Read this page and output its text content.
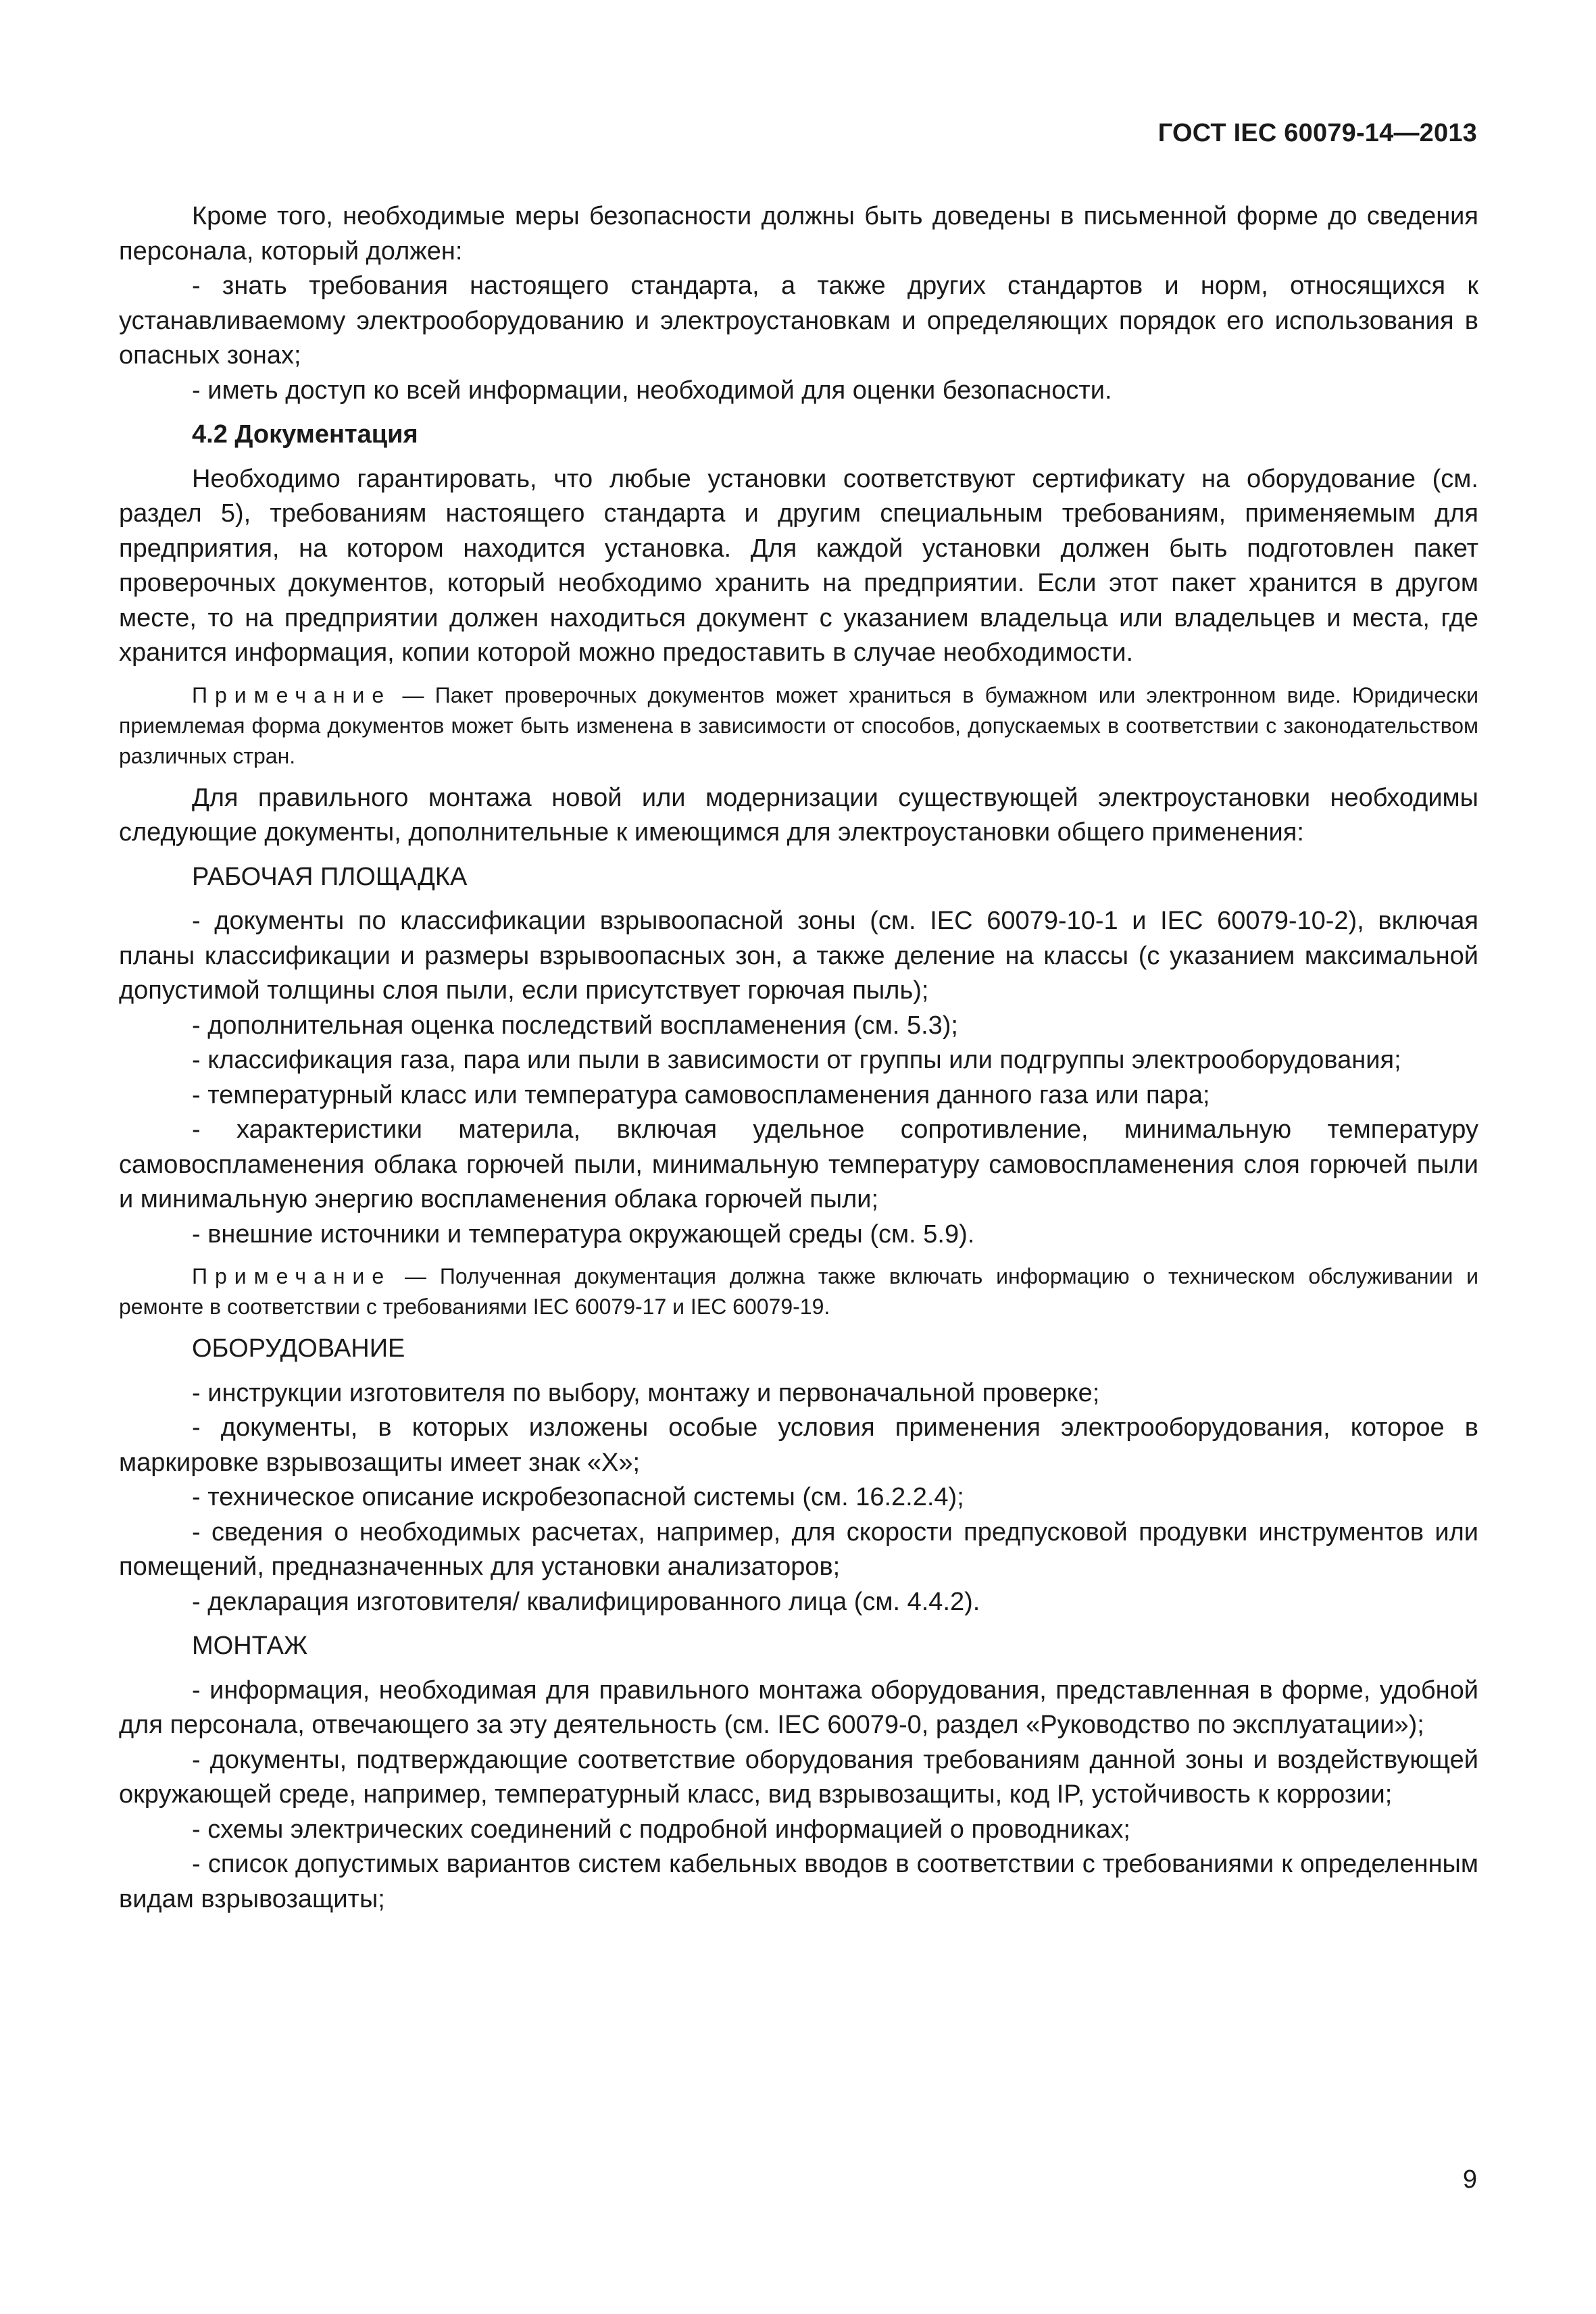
ГОСТ IEC 60079-14—2013

Кроме того, необходимые меры безопасности должны быть доведены в письменной форме до сведения персонала, который должен:

- знать требования настоящего стандарта, а также других стандартов и норм, относящихся к устанавливаемому электрооборудованию и электроустановкам и определяющих порядок его использования в опасных зонах;

- иметь доступ ко всей информации, необходимой для оценки безопасности.

4.2 Документация

Необходимо гарантировать, что любые установки соответствуют сертификату на оборудование (см. раздел 5), требованиям настоящего стандарта и другим специальным требованиям, применяемым для предприятия, на котором находится установка. Для каждой установки должен быть подготовлен пакет проверочных документов, который необходимо хранить на предприятии. Если этот пакет хранится в другом месте, то на предприятии должен находиться документ с указанием владельца или владельцев и места, где хранится информация, копии которой можно предоставить в случае необходимости.

Примечание — Пакет проверочных документов может храниться в бумажном или электронном виде. Юридически приемлемая форма документов может быть изменена в зависимости от способов, допускаемых в соответствии с законодательством различных стран.

Для правильного монтажа новой или модернизации существующей электроустановки необходимы следующие документы, дополнительные к имеющимся для электроустановки общего применения:

РАБОЧАЯ ПЛОЩАДКА

- документы по классификации взрывоопасной зоны (см. IEC 60079-10-1 и IEC 60079-10-2), включая планы классификации и размеры взрывоопасных зон, а также деление на классы (с указанием максимальной допустимой толщины слоя пыли, если присутствует горючая пыль);

- дополнительная оценка последствий воспламенения (см. 5.3);

- классификация газа, пара или пыли в зависимости от группы или подгруппы электрооборудования;

- температурный класс или температура самовоспламенения данного газа или пара;

- характеристики материла, включая удельное сопротивление, минимальную температуру самовоспламенения облака горючей пыли, минимальную температуру самовоспламенения слоя горючей пыли и минимальную энергию воспламенения облака горючей пыли;

- внешние источники и температура окружающей среды (см. 5.9).

Примечание — Полученная документация должна также включать информацию о техническом обслуживании и ремонте в соответствии с требованиями IEC 60079-17 и IEC 60079-19.

ОБОРУДОВАНИЕ

- инструкции изготовителя по выбору, монтажу и первоначальной проверке;

- документы, в которых изложены особые условия применения электрооборудования, которое в маркировке взрывозащиты имеет знак «X»;

- техническое описание искробезопасной системы (см. 16.2.2.4);

- сведения о необходимых расчетах, например, для скорости предпусковой продувки инструментов или помещений, предназначенных для установки анализаторов;

- декларация изготовителя/ квалифицированного лица (см. 4.4.2).

МОНТАЖ

- информация, необходимая для правильного монтажа оборудования, представленная в форме, удобной для персонала, отвечающего за эту деятельность (см. IEC 60079-0, раздел «Руководство по эксплуатации»);

- документы, подтверждающие соответствие оборудования требованиям данной зоны и воздействующей окружающей среде, например, температурный класс, вид взрывозащиты, код IP, устойчивость к коррозии;

- схемы электрических соединений с подробной информацией о проводниках;

- список допустимых вариантов систем кабельных вводов в соответствии с требованиями к определенным видам взрывозащиты;

9
